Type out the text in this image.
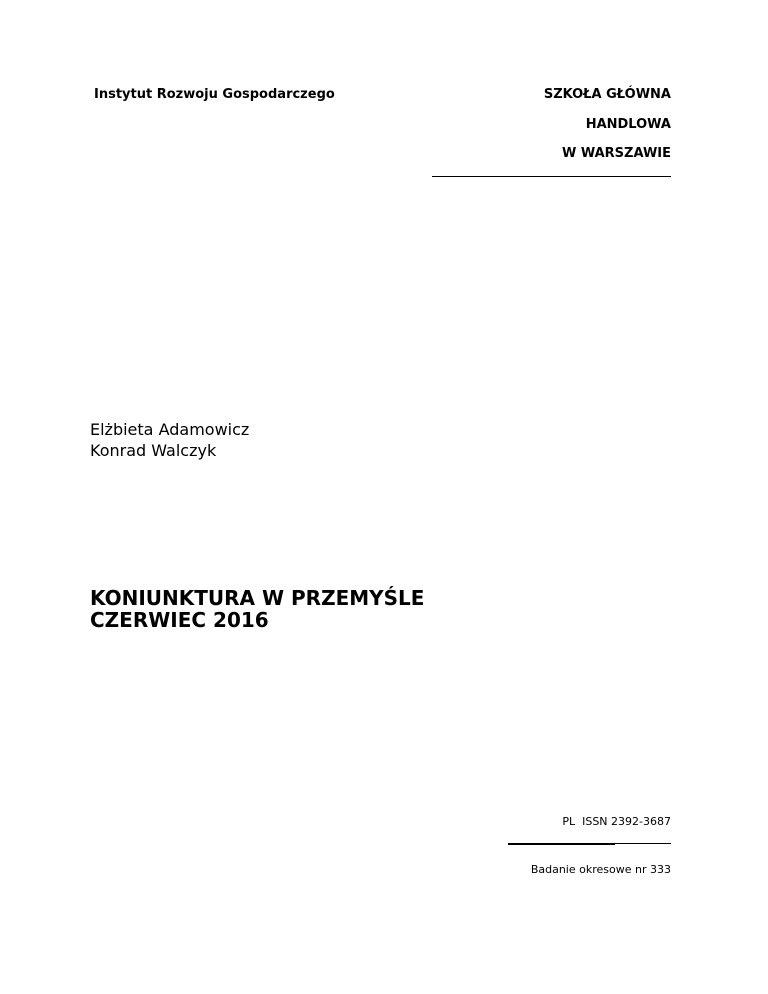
Instytut Rozwoju Gospodarczego	SZKOŁA GŁÓWNA
HANDLOWA
W WARSZAWIE
Elżbieta Adamowicz
Konrad Walczyk
KONIUNKTURA W PRZEMYŚLE
CZERWIEC 2016
PL  ISSN 2392-3687
Badanie okresowe nr 333
